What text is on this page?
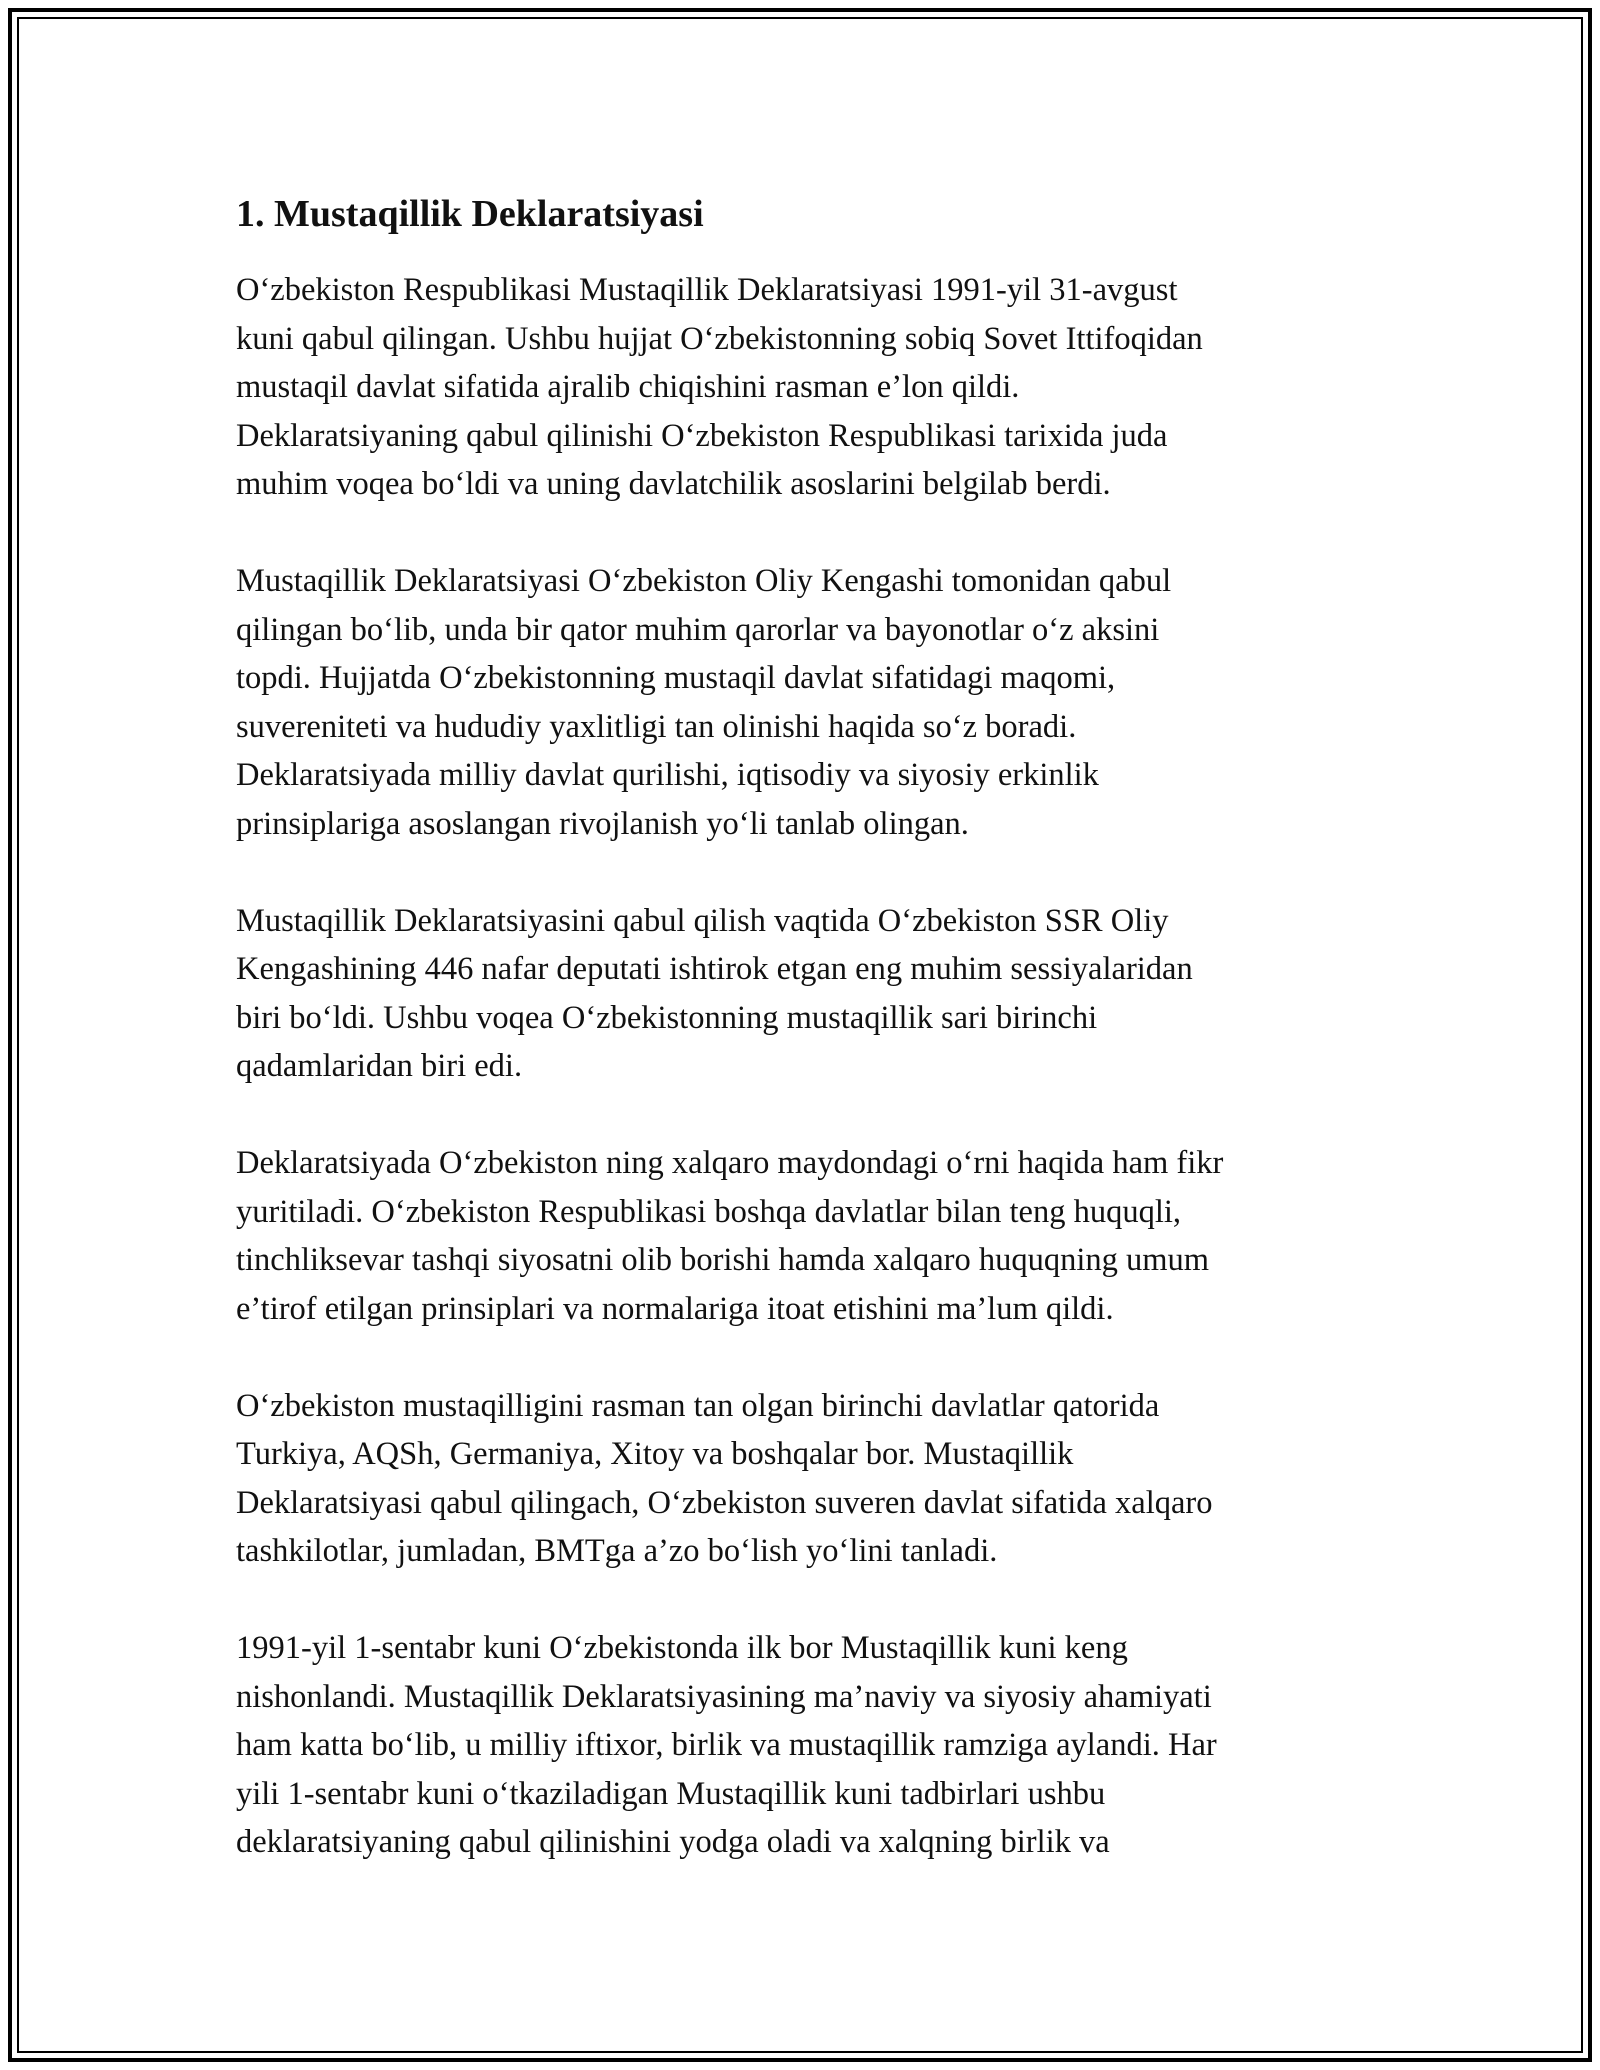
1. Mustaqillik Deklaratsiyasi

O‘zbekiston Respublikasi Mustaqillik Deklaratsiyasi 1991-yil 31-avgust
kuni qabul qilingan. Ushbu hujjat O‘zbekistonning sobiq Sovet Ittifoqidan
mustaqil davlat sifatida ajralib chiqishini rasman e’lon qildi.
Deklaratsiyaning qabul qilinishi O‘zbekiston Respublikasi tarixida juda
muhim voqea bo‘ldi va uning davlatchilik asoslarini belgilab berdi.

Mustaqillik Deklaratsiyasi O‘zbekiston Oliy Kengashi tomonidan qabul
qilingan bo‘lib, unda bir qator muhim qarorlar va bayonotlar o‘z aksini
topdi. Hujjatda O‘zbekistonning mustaqil davlat sifatidagi maqomi,
suvereniteti va hududiy yaxlitligi tan olinishi haqida so‘z boradi.
Deklaratsiyada milliy davlat qurilishi, iqtisodiy va siyosiy erkinlik
prinsiplariga asoslangan rivojlanish yo‘li tanlab olingan.

Mustaqillik Deklaratsiyasini qabul qilish vaqtida O‘zbekiston SSR Oliy
Kengashining 446 nafar deputati ishtirok etgan eng muhim sessiyalaridan
biri bo‘ldi. Ushbu voqea O‘zbekistonning mustaqillik sari birinchi
qadamlaridan biri edi.

Deklaratsiyada O‘zbekiston ning xalqaro maydondagi o‘rni haqida ham fikr
yuritiladi. O‘zbekiston Respublikasi boshqa davlatlar bilan teng huquqli,
tinchliksevar tashqi siyosatni olib borishi hamda xalqaro huquqning umum
e’tirof etilgan prinsiplari va normalariga itoat etishini ma’lum qildi.

O‘zbekiston mustaqilligini rasman tan olgan birinchi davlatlar qatorida
Turkiya, AQSh, Germaniya, Xitoy va boshqalar bor. Mustaqillik
Deklaratsiyasi qabul qilingach, O‘zbekiston suveren davlat sifatida xalqaro
tashkilotlar, jumladan, BMTga a’zo bo‘lish yo‘lini tanladi.

1991-yil 1-sentabr kuni O‘zbekistonda ilk bor Mustaqillik kuni keng
nishonlandi. Mustaqillik Deklaratsiyasining ma’naviy va siyosiy ahamiyati
ham katta bo‘lib, u milliy iftixor, birlik va mustaqillik ramziga aylandi. Har
yili 1-sentabr kuni o‘tkaziladigan Mustaqillik kuni tadbirlari ushbu
deklaratsiyaning qabul qilinishini yodga oladi va xalqning birlik va
